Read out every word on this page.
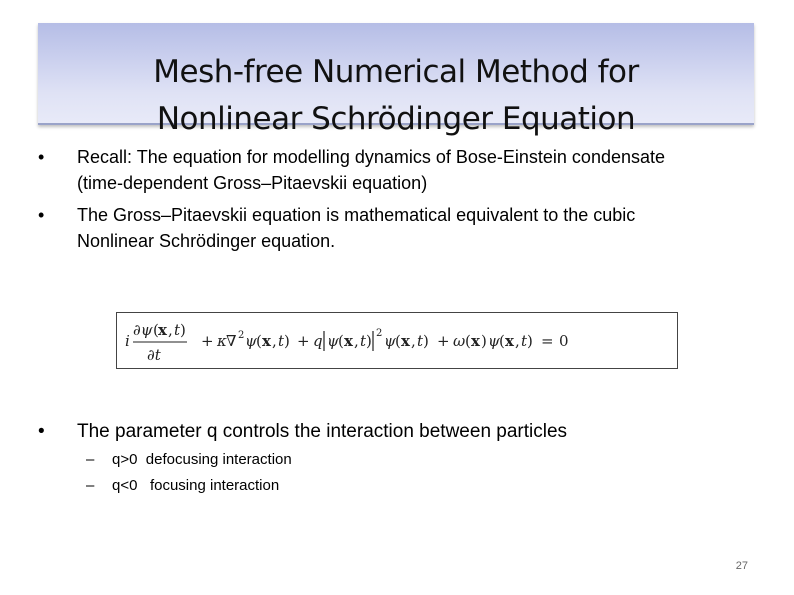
Mesh-free Numerical Method for
Nonlinear Schrödinger Equation
• Recall: The equation for modelling dynamics of Bose-Einstein condensate
(time-dependent Gross–Pitaevskii equation)
• The Gross–Pitaevskii equation is mathematical equivalent to the cubic
Nonlinear Schrödinger equation.
i
∂ψ ( x , t )
∂t
+ κ ∇ 2 ψ ( x , t ) + q ψ ( x , t ) 2 ψ ( x , t ) + ω ( x ) ψ ( x , t ) = 0
• The parameter q controls the interaction between particles
– q>0  defocusing interaction
– q<0   focusing interaction
27
